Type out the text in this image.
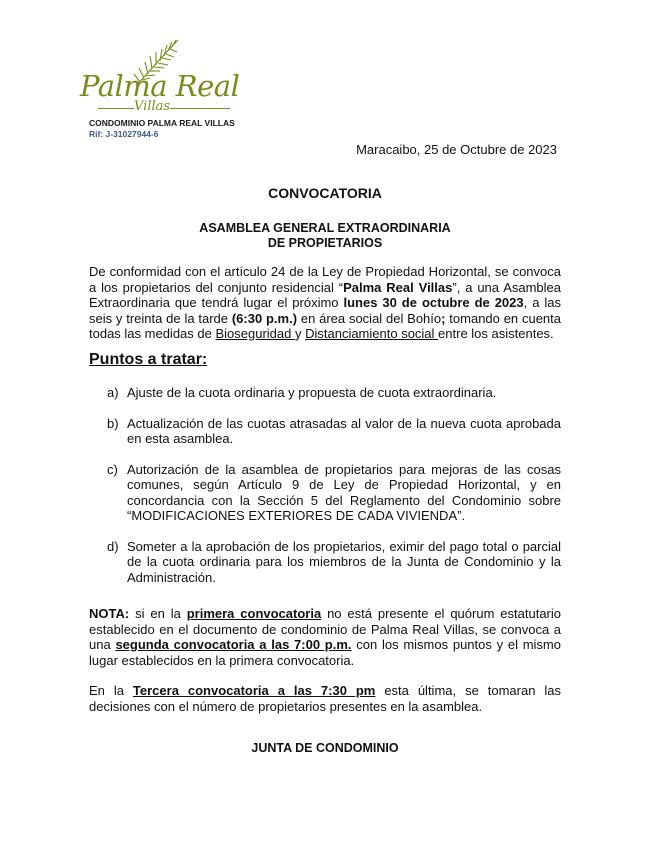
Palma Real
Villas
CONDOMINIO PALMA REAL VILLAS
Rif: J-31027944-6
Maracaibo, 25 de Octubre de 2023
CONVOCATORIA
ASAMBLEA GENERAL EXTRAORDINARIA
DE PROPIETARIOS
De conformidad con el artículo 24 de la Ley de Propiedad Horizontal, se convoca a los propietarios del conjunto residencial “Palma Real Villas”, a una Asamblea Extraordinaria que tendrá lugar el próximo lunes 30 de octubre de 2023, a las seis y treinta de la tarde (6:30 p.m.) en área social del Bohío; tomando en cuenta todas las medidas de Bioseguridad y Distanciamiento social entre los asistentes.
Puntos a tratar:
a) Ajuste de la cuota ordinaria y propuesta de cuota extraordinaria.
b) Actualización de las cuotas atrasadas al valor de la nueva cuota aprobada en esta asamblea.
c) Autorización de la asamblea de propietarios para mejoras de las cosas comunes, según Artículo 9 de Ley de Propiedad Horizontal, y en concordancia con la Sección 5 del Reglamento del Condominio sobre “MODIFICACIONES EXTERIORES DE CADA VIVIENDA”.
d) Someter a la aprobación de los propietarios, eximir del pago total o parcial de la cuota ordinaria para los miembros de la Junta de Condominio y la Administración.
NOTA: si en la primera convocatoria no está presente el quórum estatutario establecido en el documento de condominio de Palma Real Villas, se convoca a una segunda convocatoria a las 7:00 p.m. con los mismos puntos y el mismo lugar establecidos en la primera convocatoria.
En la Tercera convocatoria a las 7:30 pm esta última, se tomaran las decisiones con el número de propietarios presentes en la asamblea.
JUNTA DE CONDOMINIO
